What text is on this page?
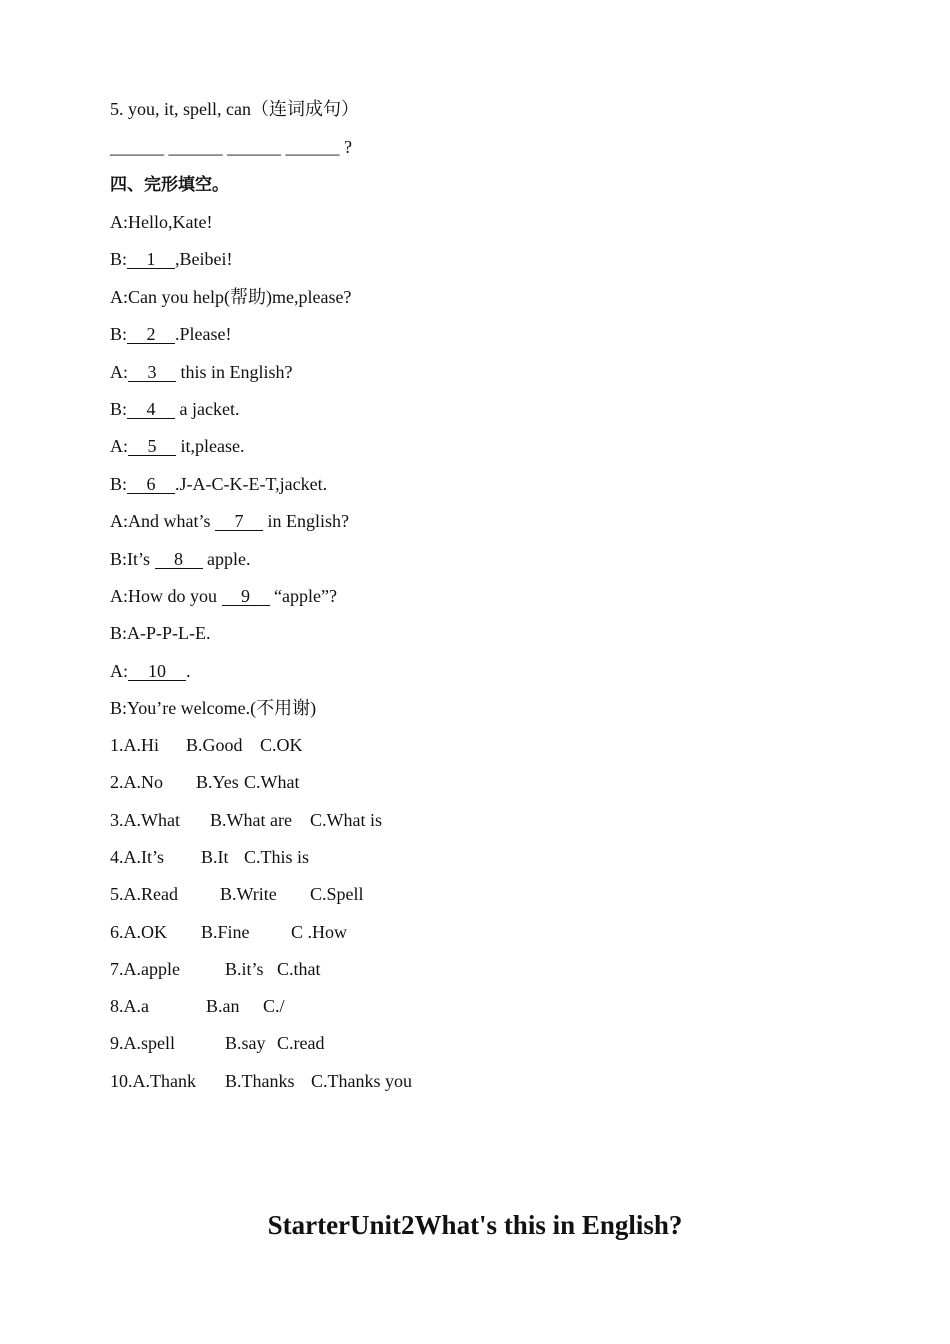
5. you, it, spell, can（连词成句）
______ ______ ______ ______ ?
四、完形填空。
A:Hello,Kate!
B: 1 ,Beibei!
A:Can you help(帮助)me,please?
B: 2 .Please!
A: 3 this in English?
B: 4 a jacket.
A: 5 it,please.
B: 6 .J-A-C-K-E-T,jacket.
A:And what’s 7 in English?
B:It’s 8 apple.
A:How do you 9 “apple”?
B:A-P-P-L-E.
A: 10 .
B:You’re welcome.(不用谢)
1.A.Hi B.Good C.OK
2.A.No B.Yes C.What
3.A.What B.What are C.What is
4.A.It’s B.It C.This is
5.A.Read B.Write C.Spell
6.A.OK B.Fine C .How
7.A.apple	B.it’s C.that
8.A.a	B.an C./
9.A.spell	B.say C.read
10.A.Thank B.Thanks C.Thanks you
StarterUnit2What's this in English?
